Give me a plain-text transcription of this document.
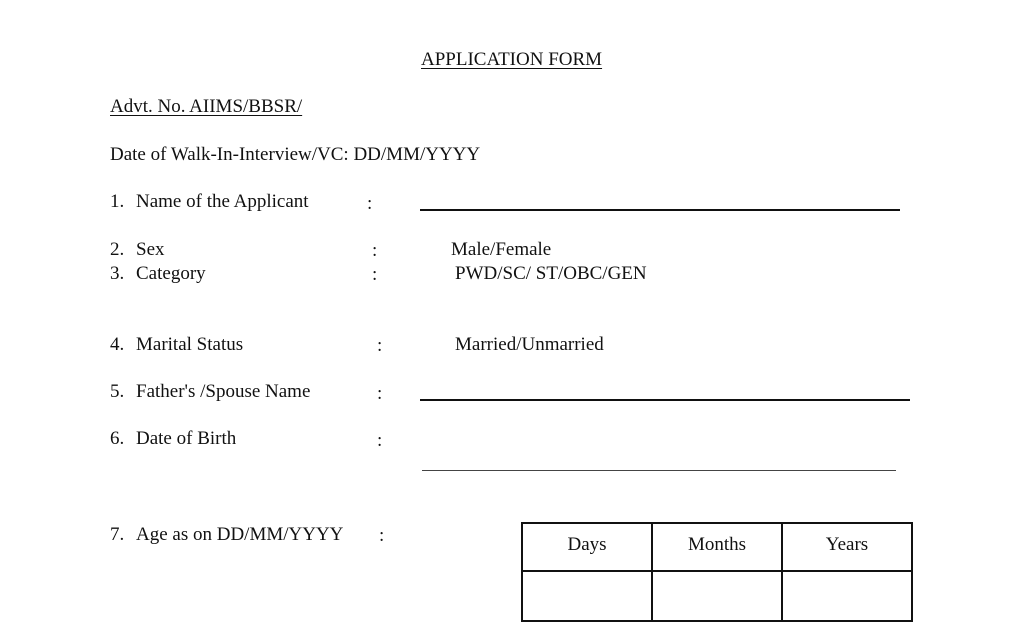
APPLICATION FORM
Advt. No. AIIMS/BBSR/
Date of Walk-In-Interview/VC: DD/MM/YYYY
1. Name of the Applicant	:
2. Sex	:	Male/Female
3. Category	:	PWD/SC/ ST/OBC/GEN
4. Marital Status	:	Married/Unmarried
5. Father's /Spouse Name	:
6. Date of Birth	:
7. Age as on DD/MM/YYYY :	Days	Months	Years
